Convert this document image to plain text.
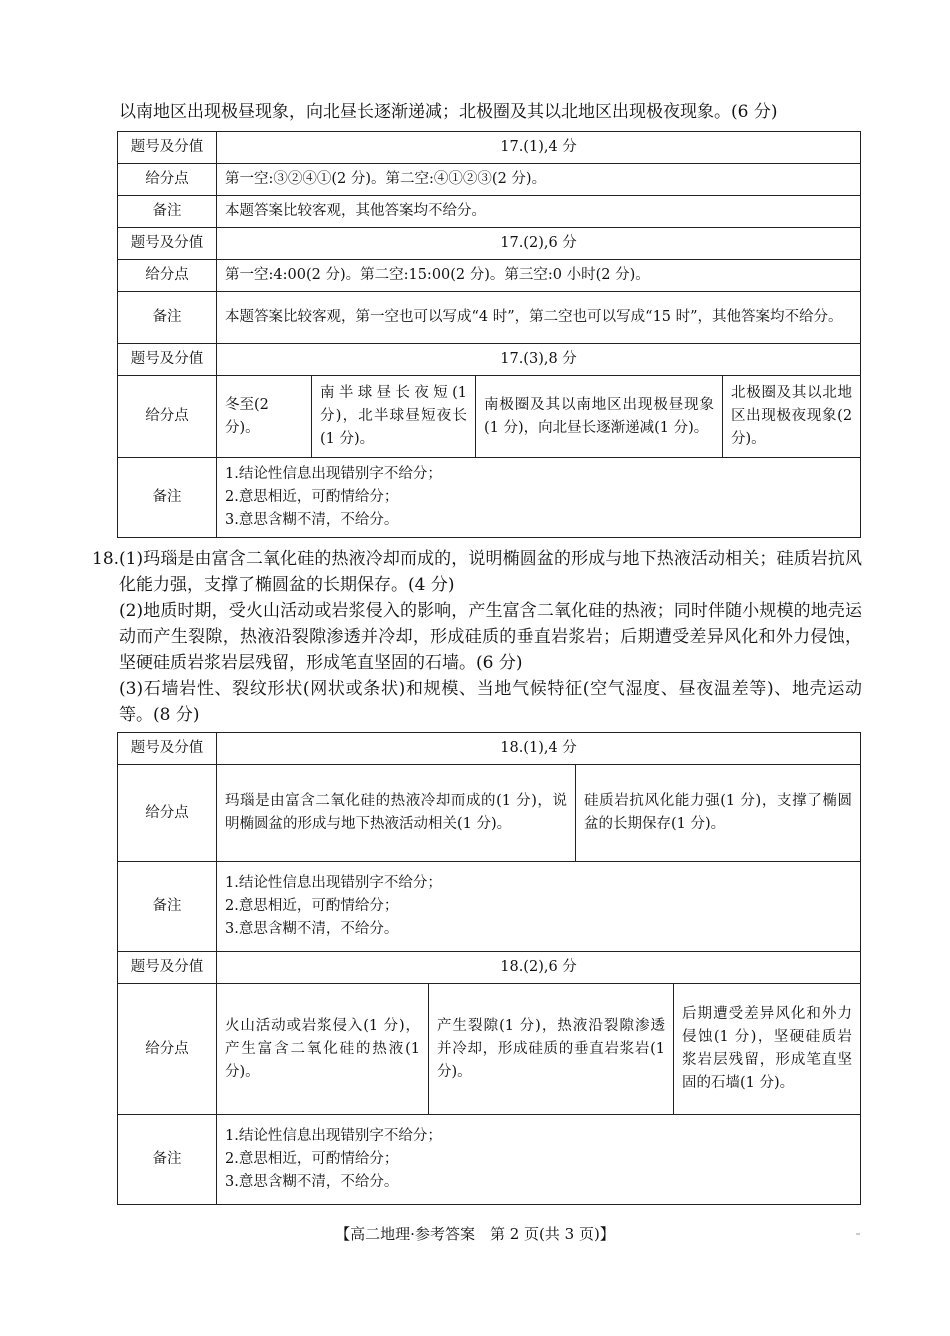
以南地区出现极昼现象，向北昼长逐渐递减；北极圈及其以北地区出现极夜现象。(6 分)
题号及分值	17.(1),4 分			
给分点	第一空:③②④①(2 分)。第二空:④①②③(2 分)。			
备注	本题答案比较客观，其他答案均不给分。			
题号及分值	17.(2),6 分			
给分点	第一空:4:00(2 分)。第二空:15:00(2 分)。第三空:0 小时(2 分)。			
备注	本题答案比较客观，第一空也可以写成“4 时”，第二空也可以写成“15 时”，其他答案均不给分。			
题号及分值	17.(3),8 分			
给分点	冬至(2 分)。	南半球昼长夜短(1 分)，北半球昼短夜长(1 分)。	南极圈及其以南地区出现极昼现象(1 分)，向北昼长逐渐递减(1 分)。	北极圈及其以北地区出现极夜现象(2 分)。
备注	1.结论性信息出现错别字不给分；
2.意思相近，可酌情给分；
3.意思含糊不清，不给分。			
18. (1)玛瑙是由富含二氧化硅的热液冷却而成的，说明椭圆盆的形成与地下热液活动相关；硅质岩抗风化能力强，支撑了椭圆盆的长期保存。(4 分)

(2)地质时期，受火山活动或岩浆侵入的影响，产生富含二氧化硅的热液；同时伴随小规模的地壳运动而产生裂隙，热液沿裂隙渗透并冷却，形成硅质的垂直岩浆岩；后期遭受差异风化和外力侵蚀，坚硬硅质岩浆岩层残留，形成笔直坚固的石墙。(6 分)

(3)石墙岩性、裂纹形状(网状或条状)和规模、当地气候特征(空气湿度、昼夜温差等)、地壳运动等。(8 分)

题号及分值	18.(1),4 分			
给分点	玛瑙是由富含二氧化硅的热液冷却而成的(1 分)，说明椭圆盆的形成与地下热液活动相关(1 分)。		硅质岩抗风化能力强(1 分)，支撑了椭圆盆的长期保存(1 分)。	
备注	1.结论性信息出现错别字不给分；
2.意思相近，可酌情给分；
3.意思含糊不清，不给分。			

题号及分值	18.(2),6 分			
给分点	火山活动或岩浆侵入(1 分)，产生富含二氧化硅的热液(1 分)。	产生裂隙(1 分)，热液沿裂隙渗透并冷却，形成硅质的垂直岩浆岩(1 分)。		后期遭受差异风化和外力侵蚀(1 分)，坚硬硅质岩浆岩层残留，形成笔直坚固的石墙(1 分)。
备注	1.结论性信息出现错别字不给分；
2.意思相近，可酌情给分；
3.意思含糊不清，不给分。			
【高二地理·参考答案　第 2 页(共 3 页)】
